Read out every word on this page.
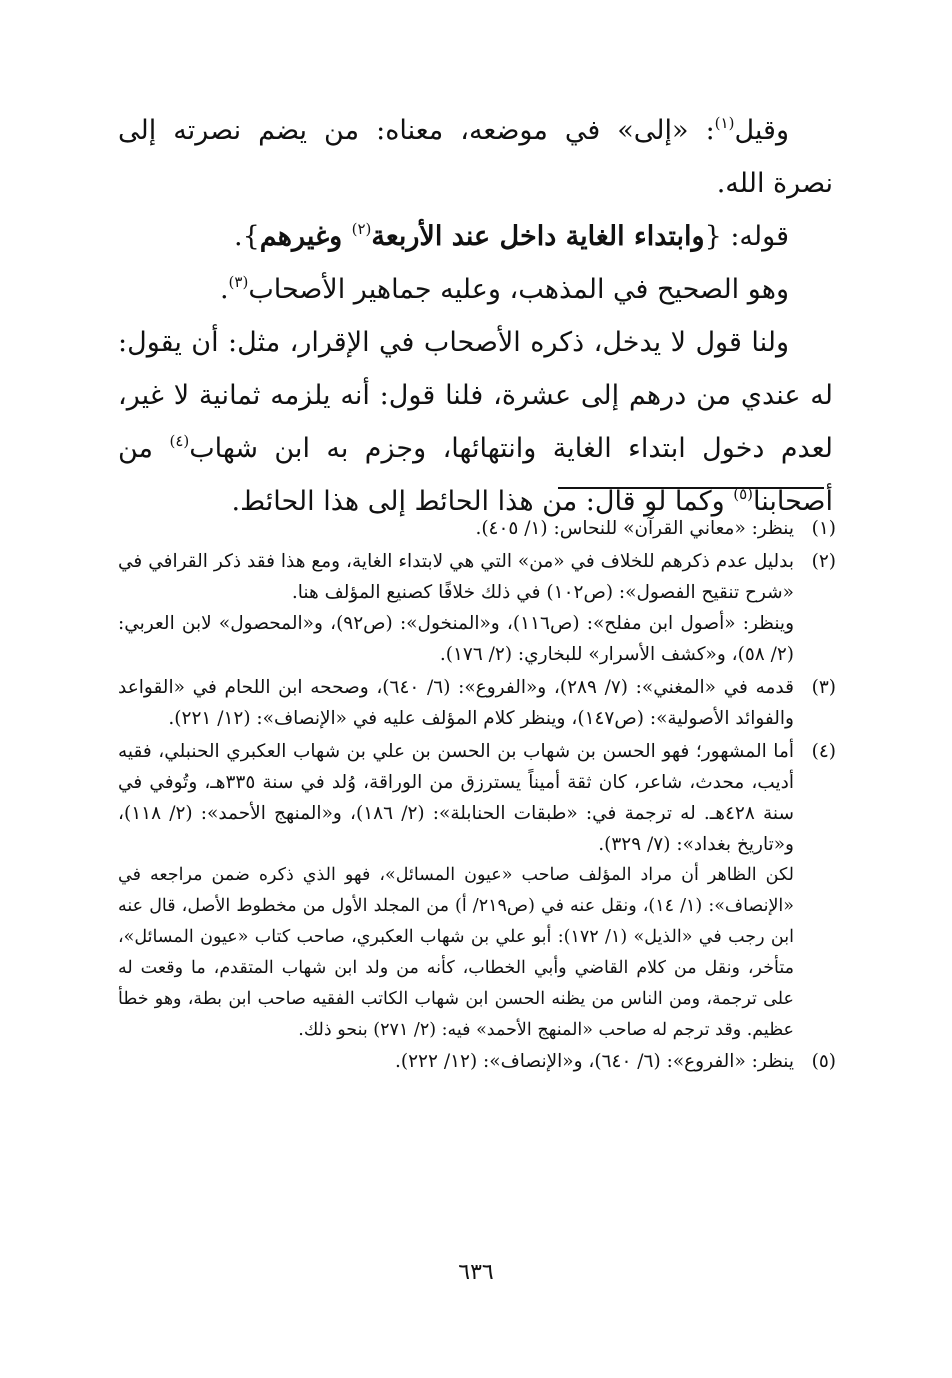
وقيل$^{(١)}$: «إلى» في موضعه، معناه: من يضم نصرته إلى نصرة الله.

قوله: {وابتداء الغاية داخل عند الأربعة$^{(٢)}$ وغيرهم}.

وهو الصحيح في المذهب، وعليه جماهير الأصحاب$^{(٣)}$.

ولنا قول لا يدخل، ذكره الأصحاب في الإقرار، مثل: أن يقول: له عندي من درهم إلى عشرة، فلنا قول: أنه يلزمه ثمانية لا غير، لعدم دخول ابتداء الغاية وانتهائها، وجزم به ابن شهاب$^{(٤)}$ من أصحابنا$^{(٥)}$ وكما لو قال: من هذا الحائط إلى هذا الحائط.

(١)

ينظر: «معاني القرآن» للنحاس: (١/ ٤٠٥).

(٢)

بدليل عدم ذكرهم للخلاف في «من» التي هي لابتداء الغاية، ومع هذا فقد ذكر القرافي في «شرح تنقيح الفصول»: (ص١٠٢) في ذلك خلافًا كصنيع المؤلف هنا.

وينظر: «أصول ابن مفلح»: (ص١١٦)، و«المنخول»: (ص٩٢)، و«المحصول» لابن العربي: (٢/ ٥٨)، و«كشف الأسرار» للبخاري: (٢/ ١٧٦).

(٣)

قدمه في «المغني»: (٧/ ٢٨٩)، و«الفروع»: (٦/ ٦٤٠)، وصححه ابن اللحام في «القواعد والفوائد الأصولية»: (ص١٤٧)، وينظر كلام المؤلف عليه في «الإنصاف»: (١٢/ ٢٢١).

(٤)

أما المشهور؛ فهو الحسن بن شهاب بن الحسن بن علي بن شهاب العكبري الحنبلي، فقيه أديب، محدث، شاعر، كان ثقة أميناً يسترزق من الوراقة، وُلد في سنة ٣٣٥هـ، وتُوفي في سنة ٤٢٨هـ. له ترجمة في: «طبقات الحنابلة»: (٢/ ١٨٦)، و«المنهج الأحمد»: (٢/ ١١٨)، و«تاريخ بغداد»: (٧/ ٣٢٩).

لكن الظاهر أن مراد المؤلف صاحب «عيون المسائل»، فهو الذي ذكره ضمن مراجعه في «الإنصاف»: (١/ ١٤)، ونقل عنه في (ص٢١٩/ أ) من المجلد الأول من مخطوط الأصل، قال عنه ابن رجب في «الذيل» (١/ ١٧٢): أبو علي بن شهاب العكبري، صاحب كتاب «عيون المسائل»، متأخر، ونقل من كلام القاضي وأبي الخطاب، كأنه من ولد ابن شهاب المتقدم، ما وقعت له على ترجمة، ومن الناس من يظنه الحسن ابن شهاب الكاتب الفقيه صاحب ابن بطة، وهو خطأ عظيم. وقد ترجم له صاحب «المنهج الأحمد» فيه: (٢/ ٢٧١) بنحو ذلك.

(٥)

ينظر: «الفروع»: (٦/ ٦٤٠)، و«الإنصاف»: (١٢/ ٢٢٢).

٦٣٦
